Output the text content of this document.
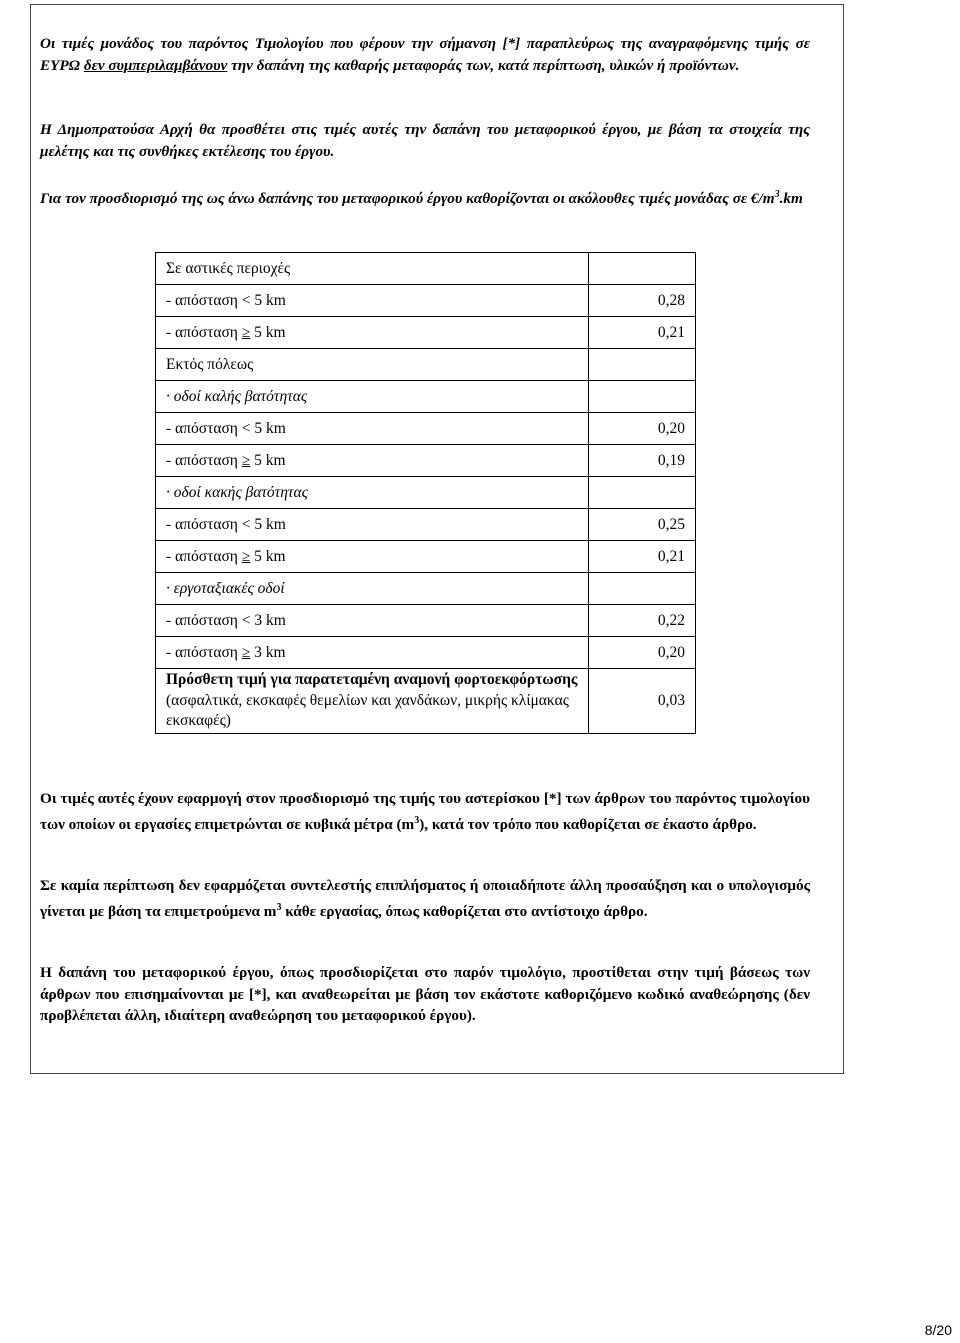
Οι τιμές μονάδος του παρόντος Τιμολογίου που φέρουν την σήμανση [*] παραπλεύρως της αναγραφόμενης τιμής σε ΕΥΡΩ δεν συμπεριλαμβάνουν την δαπάνη της καθαρής μεταφοράς των, κατά περίπτωση, υλικών ή προϊόντων.
Η Δημοπρατούσα Αρχή θα προσθέτει στις τιμές αυτές την δαπάνη του μεταφορικού έργου, με βάση τα στοιχεία της μελέτης και τις συνθήκες εκτέλεσης του έργου.
Για τον προσδιορισμό της ως άνω δαπάνης του μεταφορικού έργου καθορίζονται οι ακόλουθες τιμές μονάδας σε $€/m^3.km$
Σε αστικές περιοχές	
- απόσταση < 5 km	0,28
- απόσταση ≥ 5 km	0,21
Εκτός πόλεως	
· οδοί καλής βατότητας	
- απόσταση < 5 km	0,20
- απόσταση ≥ 5 km	0,19
· οδοί κακής βατότητας	
- απόσταση < 5 km	0,25
- απόσταση ≥ 5 km	0,21
· εργοταξιακές οδοί	
- απόσταση < 3 km	0,22
- απόσταση ≥ 3 km	0,20
Πρόσθετη τιμή για παρατεταμένη αναμονή φορτοεκφόρτωσης (ασφαλτικά, εκσκαφές θεμελίων και χανδάκων, μικρής κλίμακας εκσκαφές)	0,03
Οι τιμές αυτές έχουν εφαρμογή στον προσδιορισμό της τιμής του αστερίσκου [*] των άρθρων του παρόντος τιμολογίου των οποίων οι εργασίες επιμετρώνται σε κυβικά μέτρα $(m^3)$, κατά τον τρόπο που καθορίζεται σε έκαστο άρθρο.
Σε καμία περίπτωση δεν εφαρμόζεται συντελεστής επιπλήσματος ή οποιαδήποτε άλλη προσαύξηση και ο υπολογισμός γίνεται με βάση τα επιμετρούμενα $m^3$ κάθε εργασίας, όπως καθορίζεται στο αντίστοιχο άρθρο.
Η δαπάνη του μεταφορικού έργου, όπως προσδιορίζεται στο παρόν τιμολόγιο, προστίθεται στην τιμή βάσεως των άρθρων που επισημαίνονται με [*], και αναθεωρείται με βάση τον εκάστοτε καθοριζόμενο κωδικό αναθεώρησης (δεν προβλέπεται άλλη, ιδιαίτερη αναθεώρηση του μεταφορικού έργου).
8/20
